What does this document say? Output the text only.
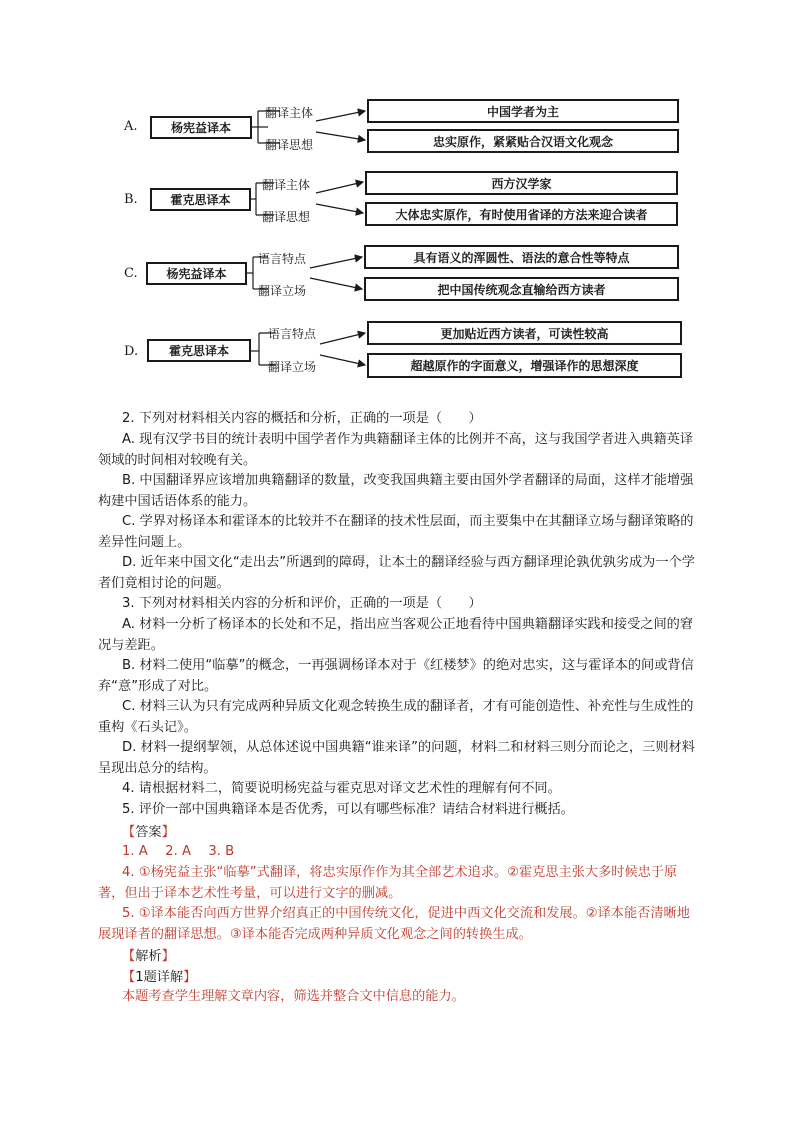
A.	杨宪益译本
翻译主体
翻译思想
中国学者为主
忠实原作，紧紧贴合汉语文化观念
B.	霍克思译本
翻译主体
翻译思想
西方汉学家
大体忠实原作，有时使用省译的方法来迎合读者
C.	杨宪益译本
语言特点
翻译立场
具有语义的浑圆性、语法的意合性等特点
把中国传统观念直输给西方读者
D.	霍克思译本
语言特点
翻译立场
更加贴近西方读者，可读性较高
超越原作的字面意义，增强译作的思想深度

2. 下列对材料相关内容的概括和分析，正确的一项是（　　）

A. 现有汉学书目的统计表明中国学者作为典籍翻译主体的比例并不高，这与我国学者进入典籍英译领域的时间相对较晚有关。

B. 中国翻译界应该增加典籍翻译的数量，改变我国典籍主要由国外学者翻译的局面，这样才能增强构建中国话语体系的能力。

C. 学界对杨译本和霍译本的比较并不在翻译的技术性层面，而主要集中在其翻译立场与翻译策略的差异性问题上。

D. 近年来中国文化“走出去”所遇到的障碍，让本土的翻译经验与西方翻译理论孰优孰劣成为一个学者们竟相讨论的问题。

3. 下列对材料相关内容的分析和评价，正确的一项是（　　）

A. 材料一分析了杨译本的长处和不足，指出应当客观公正地看待中国典籍翻译实践和接受之间的窘况与差距。

B. 材料二使用“临摹”的概念，一再强调杨译本对于《红楼梦》的绝对忠实，这与霍译本的间或背信弃“意”形成了对比。

C. 材料三认为只有完成两种异质文化观念转换生成的翻译者，才有可能创造性、补充性与生成性的重构《石头记》。

D. 材料一提纲挈领，从总体述说中国典籍“谁来译”的问题，材料二和材料三则分而论之，三则材料呈现出总分的结构。

4. 请根据材料二，简要说明杨宪益与霍克思对译文艺术性的理解有何不同。

5. 评价一部中国典籍译本是否优秀，可以有哪些标准？请结合材料进行概括。

【答案】

1. A　 2. A　 3. B

4. ①杨宪益主张“临摹”式翻译，将忠实原作作为其全部艺术追求。②霍克思主张大多时候忠于原著，但出于译本艺术性考量，可以进行文字的删减。

5. ①译本能否向西方世界介绍真正的中国传统文化，促进中西文化交流和发展。②译本能否清晰地展现译者的翻译思想。③译本能否完成两种异质文化观念之间的转换生成。

【解析】
【1题详解】

本题考查学生理解文章内容，筛选并整合文中信息的能力。
